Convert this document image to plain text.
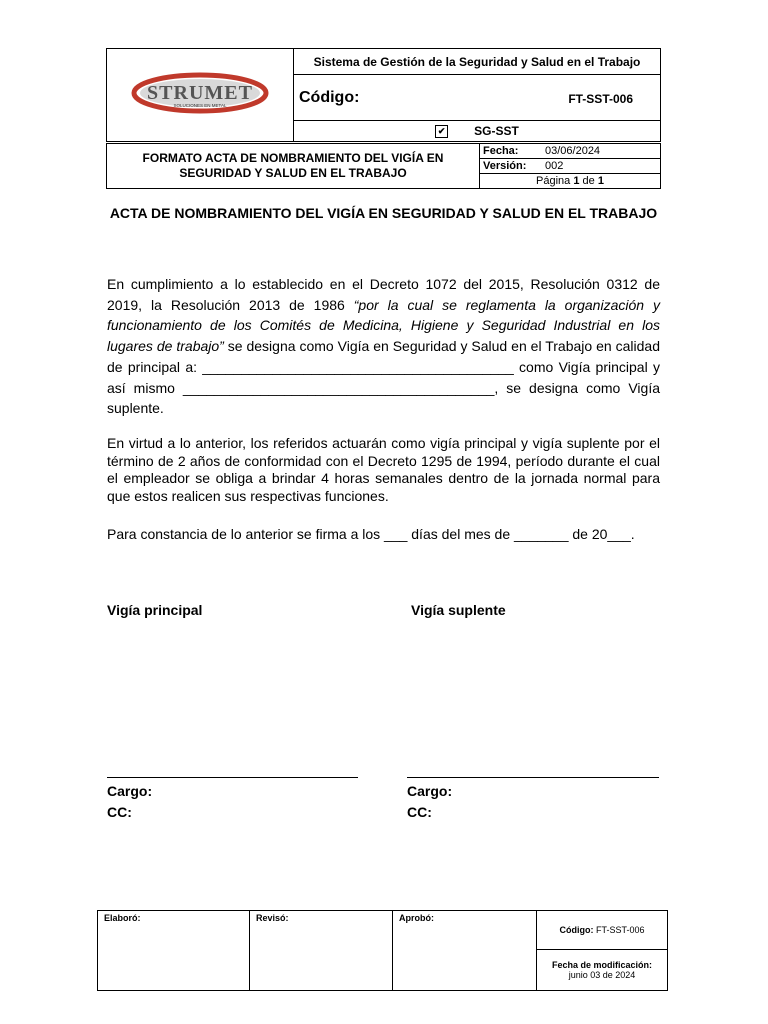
STRUMET
SOLUCIONES EN METAL
	Sistema de Gestión de la Seguridad y Salud en el Trabajo
Código:	FT-SST-006

✔ SG-SST
FORMATO ACTA DE NOMBRAMIENTO DEL VIGÍA EN SEGURIDAD Y SALUD EN EL TRABAJO	Fecha: 03/06/2024
Versión: 002
Página 1 de 1
ACTA DE NOMBRAMIENTO DEL VIGÍA EN SEGURIDAD Y SALUD EN EL TRABAJO
En cumplimiento a lo establecido en el Decreto 1072 del 2015, Resolución 0312 de 2019, la Resolución 2013 de 1986 “por la cual se reglamenta la organización y funcionamiento de los Comités de Medicina, Higiene y Seguridad Industrial en los lugares de trabajo” se designa como Vigía en Seguridad y Salud en el Trabajo en calidad de principal a: ________________________________________ como Vigía principal y así mismo ________________________________________, se designa como Vigía suplente.
En virtud a lo anterior, los referidos actuarán como vigía principal y vigía suplente por el término de 2 años de conformidad con el Decreto 1295 de 1994, período durante el cual el empleador se obliga a brindar 4 horas semanales dentro de la jornada normal para que estos realicen sus respectivas funciones.
Para constancia de lo anterior se firma a los ___ días del mes de _______ de 20___.
Vigía principal	Vigía suplente
Cargo:
CC:
Cargo:
CC:
Elaboró:	Revisó:	Aprobó:	Código: FT-SST-006
Fecha de modificación:
junio 03 de 2024
